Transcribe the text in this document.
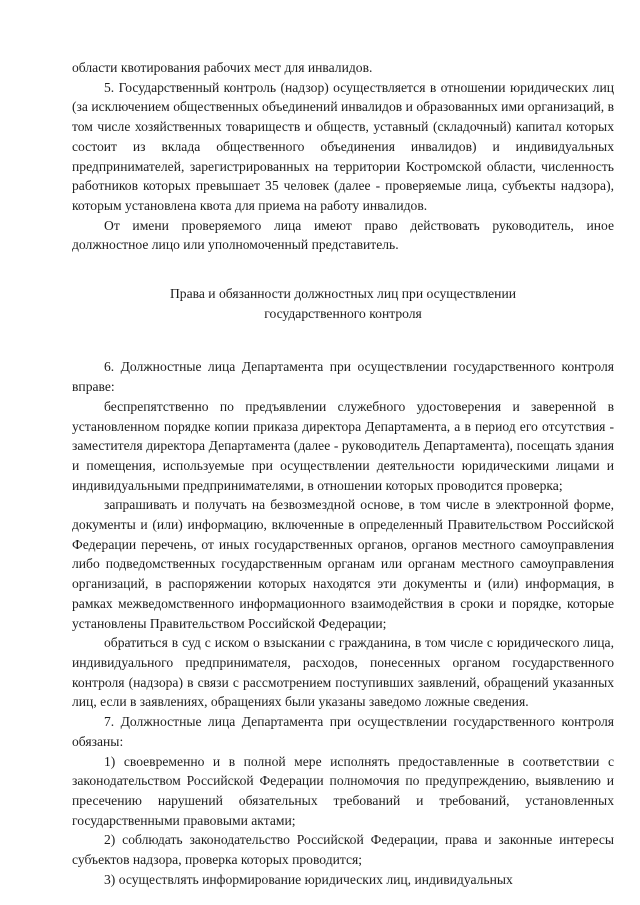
области квотирования рабочих мест для инвалидов.

5. Государственный контроль (надзор) осуществляется в отношении юридических лиц (за исключением общественных объединений инвалидов и образованных ими организаций, в том числе хозяйственных товариществ и обществ, уставный (складочный) капитал которых состоит из вклада общественного объединения инвалидов) и индивидуальных предпринимателей, зарегистрированных на территории Костромской области, численность работников которых превышает 35 человек (далее - проверяемые лица, субъекты надзора), которым установлена квота для приема на работу инвалидов.

От имени проверяемого лица имеют право действовать руководитель, иное должностное лицо или уполномоченный представитель.

Права и обязанности должностных лиц при осуществлении государственного контроля

6. Должностные лица Департамента при осуществлении государственного контроля вправе:

беспрепятственно по предъявлении служебного удостоверения и заверенной в установленном порядке копии приказа директора Департамента, а в период его отсутствия - заместителя директора Департамента (далее - руководитель Департамента), посещать здания и помещения, используемые при осуществлении деятельности юридическими лицами и индивидуальными предпринимателями, в отношении которых проводится проверка;

запрашивать и получать на безвозмездной основе, в том числе в электронной форме, документы и (или) информацию, включенные в определенный Правительством Российской Федерации перечень, от иных государственных органов, органов местного самоуправления либо подведомственных государственным органам или органам местного самоуправления организаций, в распоряжении которых находятся эти документы и (или) информация, в рамках межведомственного информационного взаимодействия в сроки и порядке, которые установлены Правительством Российской Федерации;

обратиться в суд с иском о взыскании с гражданина, в том числе с юридического лица, индивидуального предпринимателя, расходов, понесенных органом государственного контроля (надзора) в связи с рассмотрением поступивших заявлений, обращений указанных лиц, если в заявлениях, обращениях были указаны заведомо ложные сведения.

7. Должностные лица Департамента при осуществлении государственного контроля обязаны:

1) своевременно и в полной мере исполнять предоставленные в соответствии с законодательством Российской Федерации полномочия по предупреждению, выявлению и пресечению нарушений обязательных требований и требований, установленных государственными правовыми актами;

2) соблюдать законодательство Российской Федерации, права и законные интересы субъектов надзора, проверка которых проводится;

3) осуществлять информирование юридических лиц, индивидуальных
